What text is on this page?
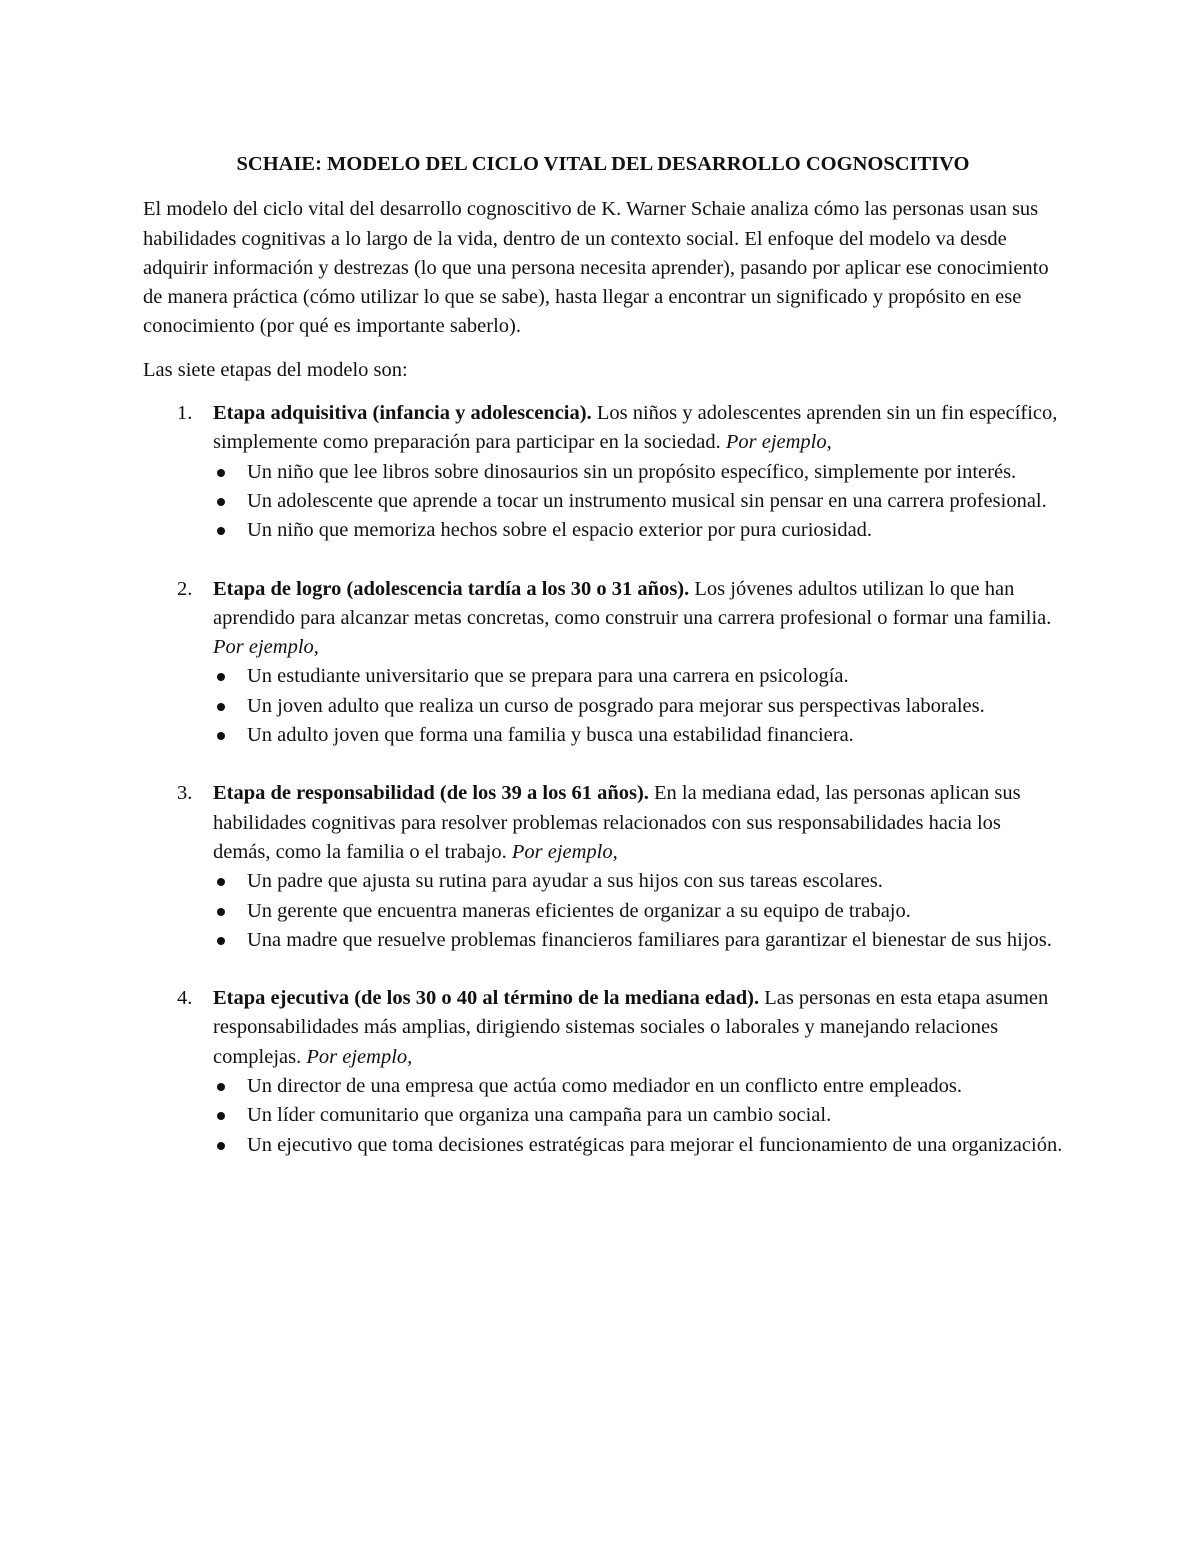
SCHAIE: MODELO DEL CICLO VITAL DEL DESARROLLO COGNOSCITIVO

El modelo del ciclo vital del desarrollo cognoscitivo de K. Warner Schaie analiza cómo las personas usan sus habilidades cognitivas a lo largo de la vida, dentro de un contexto social. El enfoque del modelo va desde adquirir información y destrezas (lo que una persona necesita aprender), pasando por aplicar ese conocimiento de manera práctica (cómo utilizar lo que se sabe), hasta llegar a encontrar un significado y propósito en ese conocimiento (por qué es importante saberlo).

Las siete etapas del modelo son:

1. Etapa adquisitiva (infancia y adolescencia). Los niños y adolescentes aprenden sin un fin específico, simplemente como preparación para participar en la sociedad. Por ejemplo,
Un niño que lee libros sobre dinosaurios sin un propósito específico, simplemente por interés.
Un adolescente que aprende a tocar un instrumento musical sin pensar en una carrera profesional.
Un niño que memoriza hechos sobre el espacio exterior por pura curiosidad.
2. Etapa de logro (adolescencia tardía a los 30 o 31 años). Los jóvenes adultos utilizan lo que han aprendido para alcanzar metas concretas, como construir una carrera profesional o formar una familia. Por ejemplo,
Un estudiante universitario que se prepara para una carrera en psicología.
Un joven adulto que realiza un curso de posgrado para mejorar sus perspectivas laborales.
Un adulto joven que forma una familia y busca una estabilidad financiera.
3. Etapa de responsabilidad (de los 39 a los 61 años). En la mediana edad, las personas aplican sus habilidades cognitivas para resolver problemas relacionados con sus responsabilidades hacia los demás, como la familia o el trabajo. Por ejemplo,
Un padre que ajusta su rutina para ayudar a sus hijos con sus tareas escolares.
Un gerente que encuentra maneras eficientes de organizar a su equipo de trabajo.
Una madre que resuelve problemas financieros familiares para garantizar el bienestar de sus hijos.
4. Etapa ejecutiva (de los 30 o 40 al término de la mediana edad). Las personas en esta etapa asumen responsabilidades más amplias, dirigiendo sistemas sociales o laborales y manejando relaciones complejas. Por ejemplo,
Un director de una empresa que actúa como mediador en un conflicto entre empleados.
Un líder comunitario que organiza una campaña para un cambio social.
Un ejecutivo que toma decisiones estratégicas para mejorar el funcionamiento de una organización.
